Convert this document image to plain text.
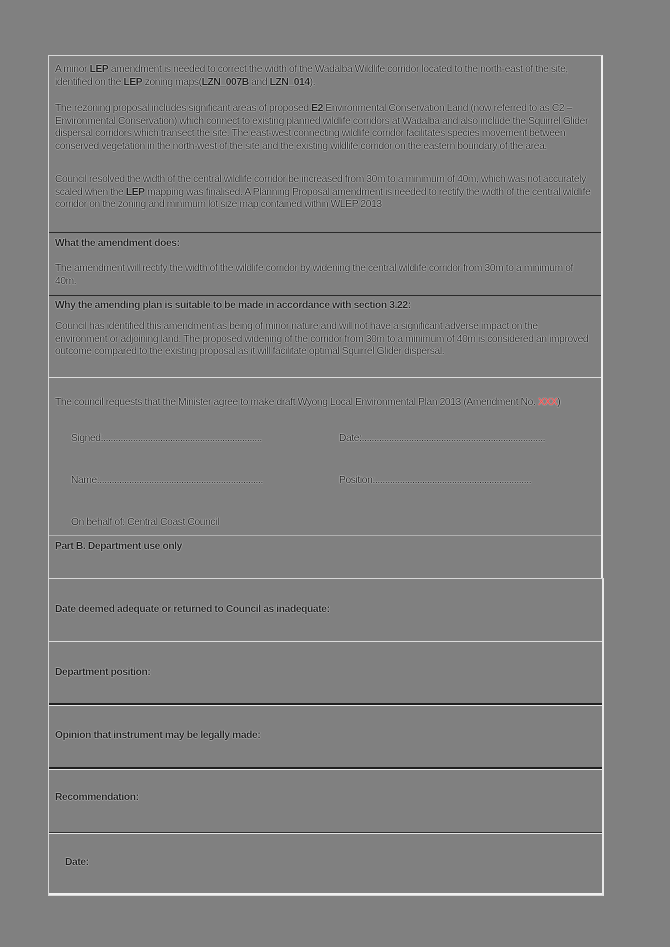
A minor LEP amendment is needed to correct the width of the Wadalba Wildlife corridor located to the north-east of the site, identified on the LEP zoning maps(LZN_007B and LZN_014).

The rezoning proposal includes significant areas of proposed E2 Environmental Conservation Land (now referred to as C2 – Environmental Conservation) which connect to existing planned wildlife corridors at Wadalba and also include the Squirrel Glider dispersal corridors which transect the site. The east-west connecting wildlife corridor facilitates species movement between conserved vegetation in the north-west of the site and the existing wildlife corridor on the eastern boundary of the area.

Council resolved the width of the central wildlife corridor be increased from 30m to a minimum of 40m, which was not accurately scaled when the LEP mapping was finalised. A Planning Proposal amendment is needed to rectify the width of the central wildlife corridor on the zoning and minimum lot size map contained within WLEP 2013

What the amendment does:

The amendment will rectify the width of the wildlife corridor by widening the central wildlife corridor from 30m to a minimum of 40m.

Why the amending plan is suitable to be made in accordance with section 3.22:

Council has identified this amendment as being of minor nature and will not have a significant adverse impact on the environment or adjoining land. The proposed widening of the corridor from 30m to a minimum of 40m is considered an improved outcome compared to the existing proposal as it will facilitate optimal Squirrel Glider dispersal.

The council requests that the Minister agree to make draft Wyong Local Environmental Plan 2013 (Amendment No. XXX)

Signed:................................................................	Date:..........................................................................
Name:..................................................................	Position:...............................................................
On behalf of: Central Coast Council

Part B. Department use only

Date deemed adequate or returned to Council as inadequate:
Department position:
Opinion that instrument may be legally made:
Recommendation:
Date:
